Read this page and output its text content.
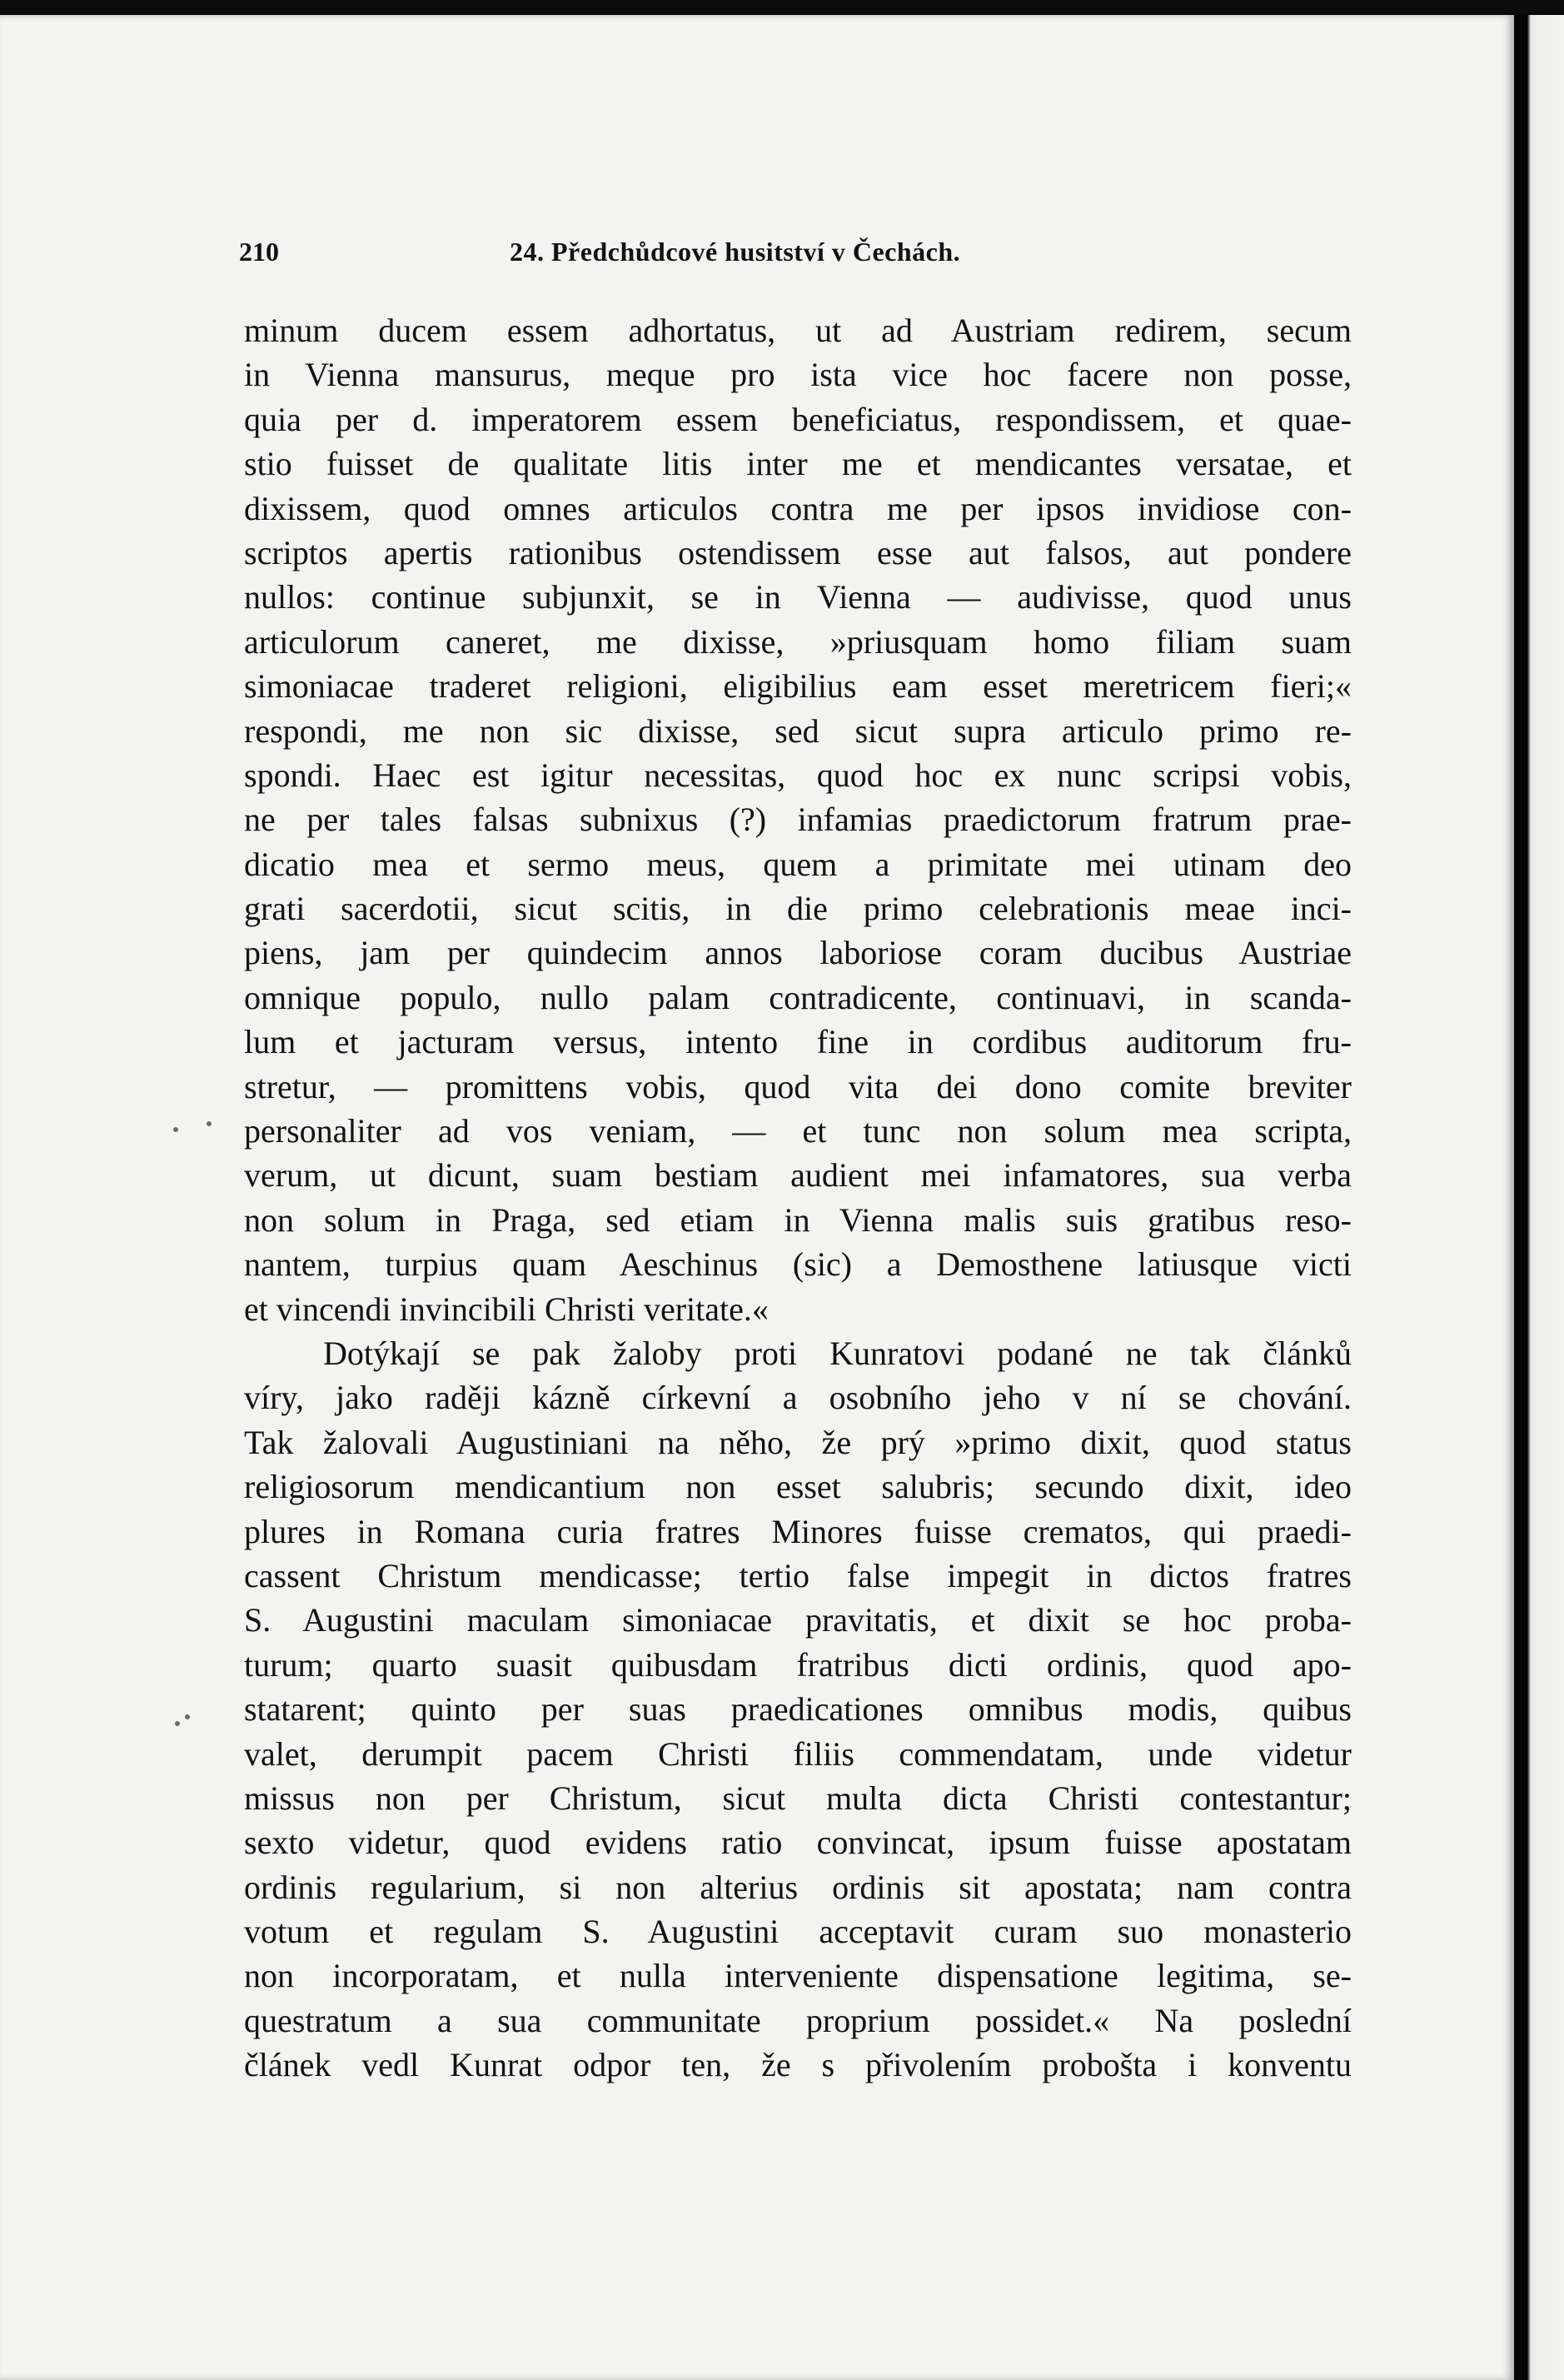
210	24. Předchůdcové husitství v Čechách.
minum ducem essem adhortatus, ut ad Austriam redirem, secum
in Vienna mansurus, meque pro ista vice hoc facere non posse,
quia per d. imperatorem essem beneficiatus, respondissem, et quae-
stio fuisset de qualitate litis inter me et mendicantes versatae, et
dixissem, quod omnes articulos contra me per ipsos invidiose con-
scriptos apertis rationibus ostendissem esse aut falsos, aut pondere
nullos: continue subjunxit, se in Vienna — audivisse, quod unus
articulorum caneret, me dixisse, »priusquam homo filiam suam
simoniacae traderet religioni, eligibilius eam esset meretricem fieri;«
respondi, me non sic dixisse, sed sicut supra articulo primo re-
spondi. Haec est igitur necessitas, quod hoc ex nunc scripsi vobis,
ne per tales falsas subnixus (?) infamias praedictorum fratrum prae-
dicatio mea et sermo meus, quem a primitate mei utinam deo
grati sacerdotii, sicut scitis, in die primo celebrationis meae inci-
piens, jam per quindecim annos laboriose coram ducibus Austriae
omnique populo, nullo palam contradicente, continuavi, in scanda-
lum et jacturam versus, intento fine in cordibus auditorum fru-
stretur, — promittens vobis, quod vita dei dono comite breviter
personaliter ad vos veniam, — et tunc non solum mea scripta,
verum, ut dicunt, suam bestiam audient mei infamatores, sua verba
non solum in Praga, sed etiam in Vienna malis suis gratibus reso-
nantem, turpius quam Aeschinus (sic) a Demosthene latiusque victi
et vincendi invincibili Christi veritate.«
Dotýkají se pak žaloby proti Kunratovi podané ne tak článků
víry, jako raději kázně církevní a osobního jeho v ní se chování.
Tak žalovali Augustiniani na něho, že prý »primo dixit, quod status
religiosorum mendicantium non esset salubris; secundo dixit, ideo
plures in Romana curia fratres Minores fuisse crematos, qui praedi-
cassent Christum mendicasse; tertio false impegit in dictos fratres
S. Augustini maculam simoniacae pravitatis, et dixit se hoc proba-
turum; quarto suasit quibusdam fratribus dicti ordinis, quod apo-
statarent; quinto per suas praedicationes omnibus modis, quibus
valet, derumpit pacem Christi filiis commendatam, unde videtur
missus non per Christum, sicut multa dicta Christi contestantur;
sexto videtur, quod evidens ratio convincat, ipsum fuisse apostatam
ordinis regularium, si non alterius ordinis sit apostata; nam contra
votum et regulam S. Augustini acceptavit curam suo monasterio
non incorporatam, et nulla interveniente dispensatione legitima, se-
questratum a sua communitate proprium possidet.« Na poslední
článek vedl Kunrat odpor ten, že s přivolením probošta i konventu
